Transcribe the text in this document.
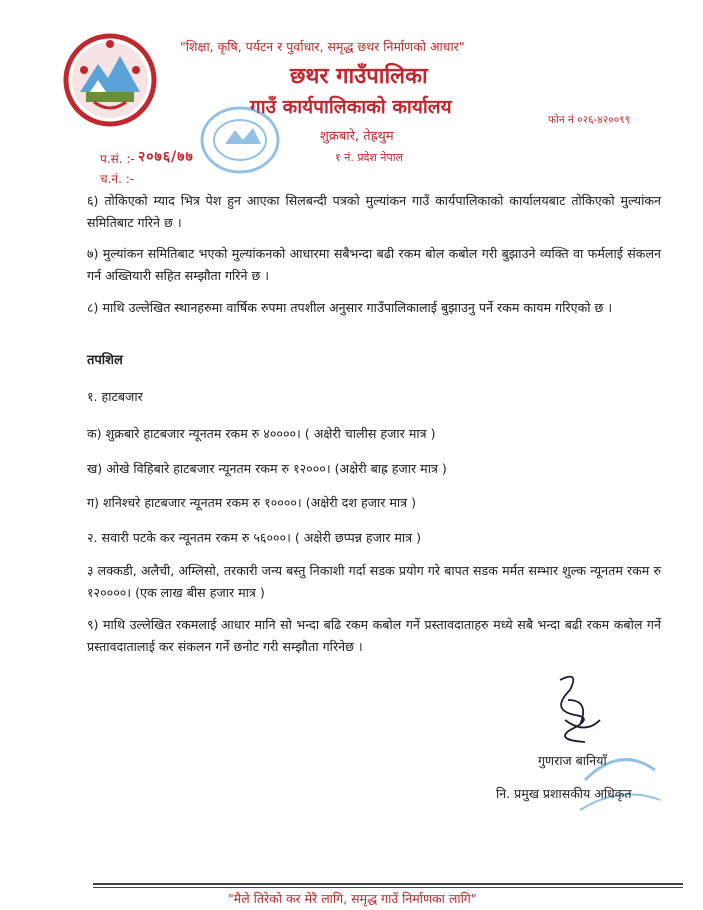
"शिक्षा, कृषि, पर्यटन र पुर्वाधार, समृद्ध छथर निर्माणको आधार"
छथर गाउँपालिका
गाउँ कार्यपालिकाको कार्यालय
फोन नं ०२६-४२००९९
शुक्रबारे, तेह्रथुम
१ नं. प्रदेश नेपाल
प.सं. :- २०७६/७७
च.नं. :-
६) तोकिएको म्याद भित्र पेश हुन आएका सिलबन्दी पत्रको मुल्यांकन गाउँ कार्यपालिकाको कार्यालयबाट तोकिएको मुल्यांकन समितिबाट गरिने छ ।
७) मुल्यांकन समितिबाट भएको मुल्यांकनको आधारमा सबैभन्दा बढी रकम बोल कबोल गरी बुझाउने व्यक्ति वा फर्मलाई संकलन गर्न अख्तियारी सहित सम्झौता गरिने छ ।
८) माथि उल्लेखित स्थानहरुमा वार्षिक रुपमा तपशील अनुसार गाउँपालिकालाई बुझाउनु पर्ने रकम कायम गरिएको छ ।
तपशिल
१. हाटबजार
क) शुक्रबारे हाटबजार न्यूनतम रकम रु ४००००। ( अक्षेरी चालीस हजार मात्र )
ख) ओखे विहिबारे हाटबजार न्यूनतम रकम रु १२०००। (अक्षेरी बाह्र हजार मात्र )
ग) शनिश्चरे हाटबजार न्यूनतम रकम रु १००००। (अक्षेरी दश हजार मात्र )
२. सवारी पटके कर न्यूनतम रकम रु ५६०००। ( अक्षेरी छप्पन्न हजार मात्र )
३ लक्कडी, अलैची, अम्लिसो, तरकारी जन्य बस्तु निकाशी गर्दा सडक प्रयोग गरे बापत सडक मर्मत सम्भार शुल्क न्यूनतम रकम रु १२००००। (एक लाख बीस हजार मात्र )
९) माथि उल्लेखित रकमलाई आधार मानि सो भन्दा बढि रकम कबोल गर्ने प्रस्तावदाताहरु मध्ये सबै भन्दा बढी रकम कबोल गर्ने प्रस्तावदातालाई कर संकलन गर्ने छनोट गरी सम्झौता गरिनेछ ।
गुणराज बानियाँ
नि. प्रमुख प्रशासकीय अधिकृत
"मैले तिरेको कर मेरै लागि, समृद्ध गाउँ निर्माणका लागि"
